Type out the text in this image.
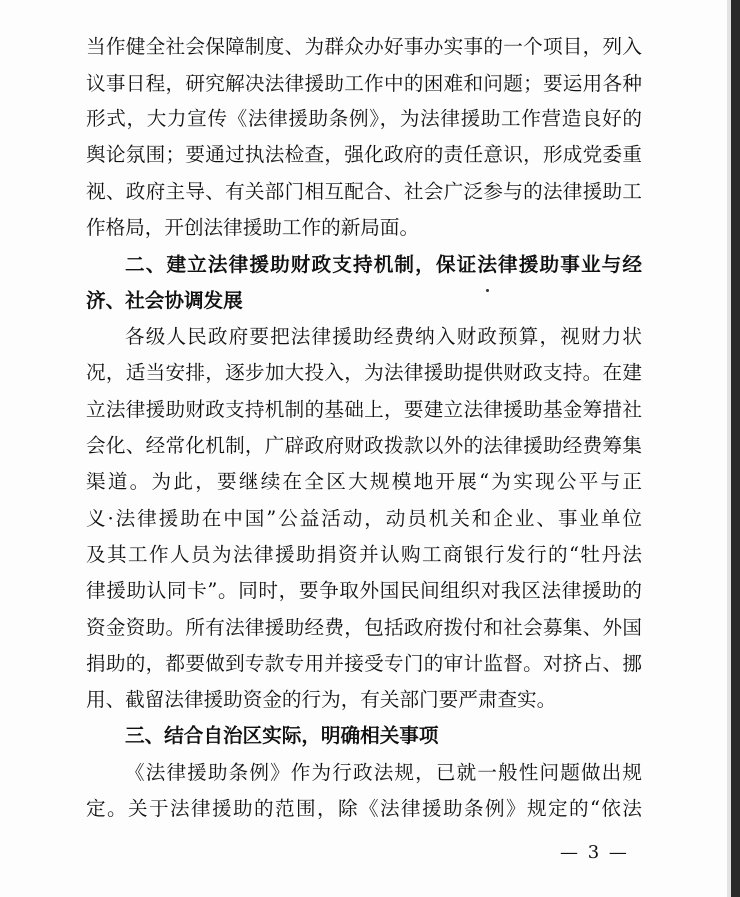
当作健全社会保障制度、为群众办好事办实事的一个项目，列入
议事日程，研究解决法律援助工作中的困难和问题；要运用各种
形式，大力宣传《法律援助条例》，为法律援助工作营造良好的
舆论氛围；要通过执法检查，强化政府的责任意识，形成党委重
视、政府主导、有关部门相互配合、社会广泛参与的法律援助工
作格局，开创法律援助工作的新局面。
二、建立法律援助财政支持机制，保证法律援助事业与经
济、社会协调发展
各级人民政府要把法律援助经费纳入财政预算，视财力状
况，适当安排，逐步加大投入，为法律援助提供财政支持。在建
立法律援助财政支持机制的基础上，要建立法律援助基金筹措社
会化、经常化机制，广辟政府财政拨款以外的法律援助经费筹集
渠道。为此，要继续在全区大规模地开展“为实现公平与正
义·法律援助在中国”公益活动，动员机关和企业、事业单位
及其工作人员为法律援助捐资并认购工商银行发行的“牡丹法
律援助认同卡”。同时，要争取外国民间组织对我区法律援助的
资金资助。所有法律援助经费，包括政府拨付和社会募集、外国
捐助的，都要做到专款专用并接受专门的审计监督。对挤占、挪
用、截留法律援助资金的行为，有关部门要严肃查实。
三、结合自治区实际，明确相关事项
《法律援助条例》作为行政法规，已就一般性问题做出规
定。关于法律援助的范围，除《法律援助条例》规定的“依法
— 3 —
